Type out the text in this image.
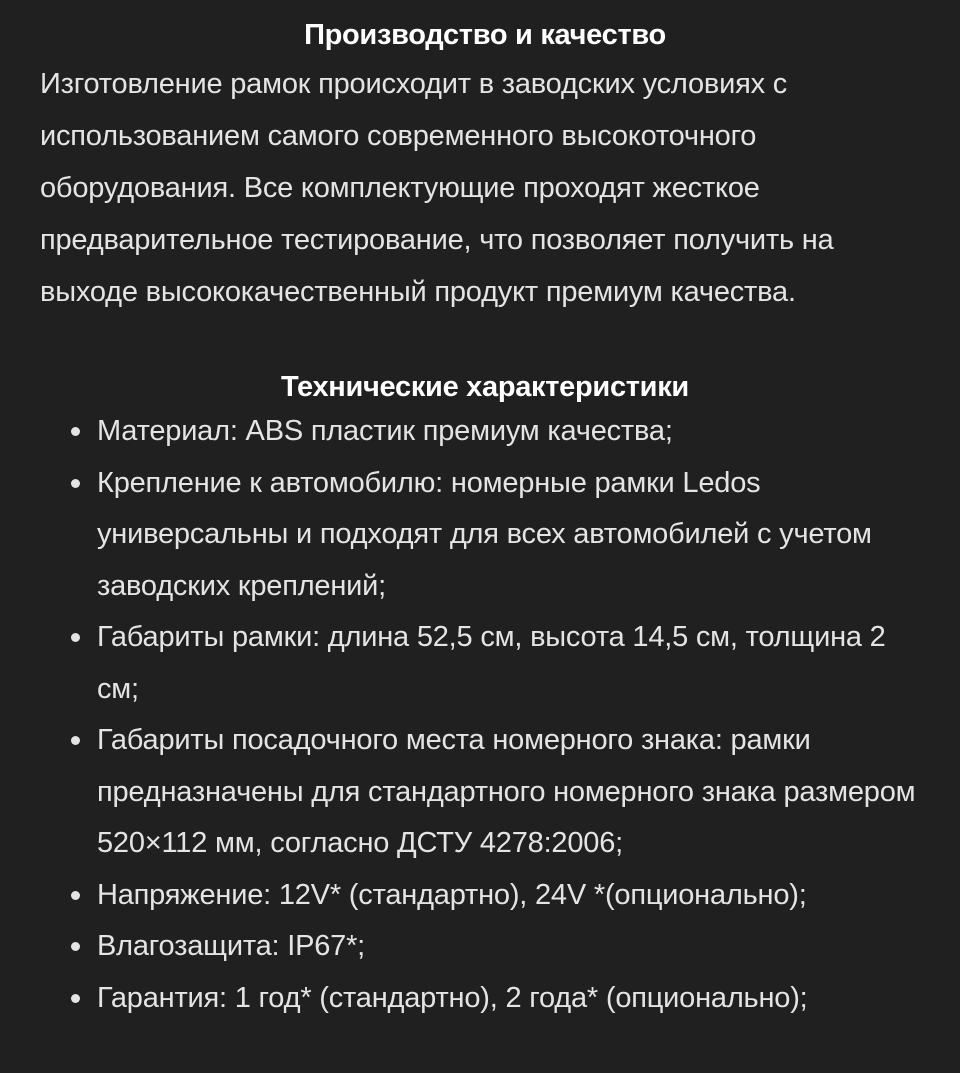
Производство и качество

Изготовление рамок происходит в заводских условиях с использованием самого современного высокоточного оборудования. Все комплектующие проходят жесткое предварительное тестирование, что позволяет получить на выходе высококачественный продукт премиум качества.

Технические характеристики
Материал: ABS пластик премиум качества;
Крепление к автомобилю: номерные рамки Ledos универсальны и подходят для всех автомобилей с учетом заводских креплений;
Габариты рамки: длина 52,5 см, высота 14,5 см, толщина 2 см;
Габариты посадочного места номерного знака: рамки предназначены для стандартного номерного знака размером 520×112 мм, согласно ДСТУ 4278:2006;
Напряжение: 12V* (стандартно), 24V *(опционально);
Влагозащита: IP67*;
Гарантия: 1 год* (стандартно), 2 года* (опционально);
